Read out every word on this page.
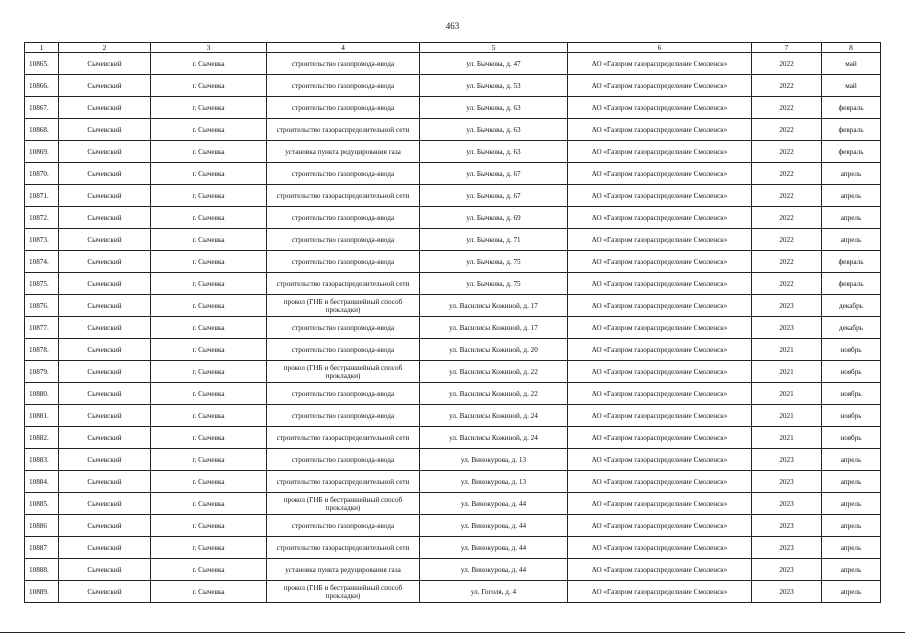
463
1	2	3	4	5	6	7	8
10865.	Сычевский	г. Сычевка	строительство газопровода-ввода	ул. Бычкова, д. 47	АО «Газпром газораспределение Смоленск»	2022	май
10866.	Сычевский	г. Сычевка	строительство газопровода-ввода	ул. Бычкова, д. 53	АО «Газпром газораспределение Смоленск»	2022	май
10867.	Сычевский	г. Сычевка	строительство газопровода-ввода	ул. Бычкова, д. 63	АО «Газпром газораспределение Смоленск»	2022	февраль
10868.	Сычевский	г. Сычевка	строительство газораспределительной сети	ул. Бычкова, д. 63	АО «Газпром газораспределение Смоленск»	2022	февраль
10869.	Сычевский	г. Сычевка	установка пункта редуцирования газа	ул. Бычкова, д. 63	АО «Газпром газораспределение Смоленск»	2022	февраль
10870.	Сычевский	г. Сычевка	строительство газопровода-ввода	ул. Бычкова, д. 67	АО «Газпром газораспределение Смоленск»	2022	апрель
10871.	Сычевский	г. Сычевка	строительство газораспределительной сети	ул. Бычкова, д. 67	АО «Газпром газораспределение Смоленск»	2022	апрель
10872.	Сычевский	г. Сычевка	строительство газопровода-ввода	ул. Бычкова, д. 69	АО «Газпром газораспределение Смоленск»	2022	апрель
10873.	Сычевский	г. Сычевка	строительство газопровода-ввода	ул. Бычкова, д. 71	АО «Газпром газораспределение Смоленск»	2022	апрель
10874.	Сычевский	г. Сычевка	строительство газопровода-ввода	ул. Бычкова, д. 75	АО «Газпром газораспределение Смоленск»	2022	февраль
10875.	Сычевский	г. Сычевка	строительство газораспределительной сети	ул. Бычкова, д. 75	АО «Газпром газораспределение Смоленск»	2022	февраль
10876.	Сычевский	г. Сычевка	прокол (ГНБ и бестраншейный способ прокладки)	ул. Василисы Кожиной, д. 17	АО «Газпром газораспределение Смоленск»	2023	декабрь
10877.	Сычевский	г. Сычевка	строительство газопровода-ввода	ул. Василисы Кожиной, д. 17	АО «Газпром газораспределение Смоленск»	2023	декабрь
10878.	Сычевский	г. Сычевка	строительство газопровода-ввода	ул. Василисы Кожиной, д. 20	АО «Газпром газораспределение Смоленск»	2021	ноябрь
10879.	Сычевский	г. Сычевка	прокол (ГНБ и бестраншейный способ прокладки)	ул. Василисы Кожиной, д. 22	АО «Газпром газораспределение Смоленск»	2021	ноябрь
10880.	Сычевский	г. Сычевка	строительство газопровода-ввода	ул. Василисы Кожиной, д. 22	АО «Газпром газораспределение Смоленск»	2021	ноябрь
10881.	Сычевский	г. Сычевка	строительство газопровода-ввода	ул. Василисы Кожиной, д. 24	АО «Газпром газораспределение Смоленск»	2021	ноябрь
10882.	Сычевский	г. Сычевка	строительство газораспределительной сети	ул. Василисы Кожиной, д. 24	АО «Газпром газораспределение Смоленск»	2021	ноябрь
10883.	Сычевский	г. Сычевка	строительство газопровода-ввода	ул. Винокурова, д. 13	АО «Газпром газораспределение Смоленск»	2023	апрель
10884.	Сычевский	г. Сычевка	строительство газораспределительной сети	ул. Винокурова, д. 13	АО «Газпром газораспределение Смоленск»	2023	апрель
10885.	Сычевский	г. Сычевка	прокол (ГНБ и бестраншейный способ прокладки)	ул. Винокурова, д. 44	АО «Газпром газораспределение Смоленск»	2023	апрель
10886	Сычевский	г. Сычевка	строительство газопровода-ввода	ул. Винокурова, д. 44	АО «Газпром газораспределение Смоленск»	2023	апрель
10887	Сычевский	г. Сычевка	строительство газораспределительной сети	ул. Винокурова, д. 44	АО «Газпром газораспределение Смоленск»	2023	апрель
10888.	Сычевский	г. Сычевка	установка пункта редуцирования газа	ул. Винокурова, д. 44	АО «Газпром газораспределение Смоленск»	2023	апрель
10889.	Сычевский	г. Сычевка	прокол (ГНБ и бестраншейный способ прокладки)	ул. Гоголя, д. 4	АО «Газпром газораспределение Смоленск»	2023	апрель
